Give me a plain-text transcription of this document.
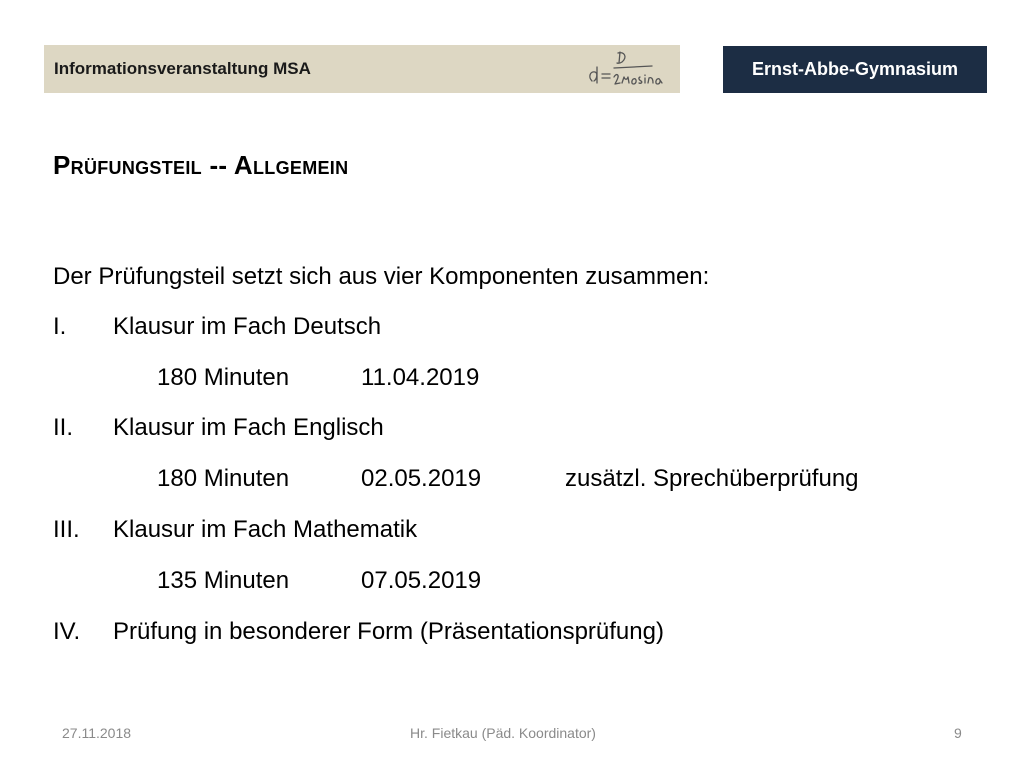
Informationsveranstaltung MSA	Ernst-Abbe-Gymnasium
Prüfungsteil -- Allgemein
Der Prüfungsteil setzt sich aus vier Komponenten zusammen:
I. Klausur im Fach Deutsch
180 Minuten	11.04.2019
II. Klausur im Fach Englisch
180 Minuten	02.05.2019	zusätzl. Sprechüberprüfung
III. Klausur im Fach Mathematik
135 Minuten	07.05.2019
IV. Prüfung in besonderer Form (Präsentationsprüfung)
27.11.2018	Hr. Fietkau (Päd. Koordinator)	9
